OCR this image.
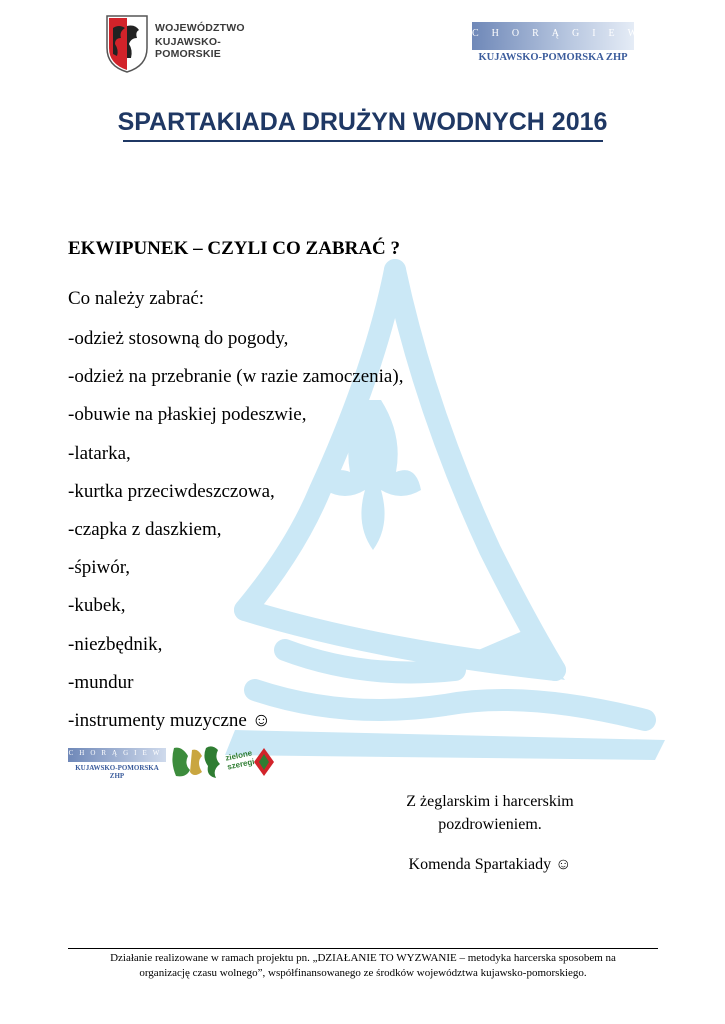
WOJEWÓDZTWO
KUJAWSKO-POMORSKIE
CHORĄGIEW
KUJAWSKO-POMORSKA ZHP
SPARTAKIADA DRUŻYN WODNYCH 2016
EKWIPUNEK – CZYLI CO ZABRAĆ ?
Co należy zabrać:
-odzież stosowną do pogody,
-odzież na przebranie (w razie zamoczenia),
-obuwie na płaskiej podeszwie,
-latarka,
-kurtka przeciwdeszczowa,
-czapka z daszkiem,
-śpiwór,
-kubek,
-niezbędnik,
-mundur
-instrumenty muzyczne ☺
CHORĄGIEW
KUJAWSKO-POMORSKA ZHP
zielone szeregi
Z żeglarskim i harcerskim
pozdrowieniem.
Komenda Spartakiady ☺
Działanie realizowane w ramach projektu pn. „DZIAŁANIE TO WYZWANIE – metodyka harcerska sposobem na
organizację czasu wolnego”, współfinansowanego ze środków województwa kujawsko-pomorskiego.
